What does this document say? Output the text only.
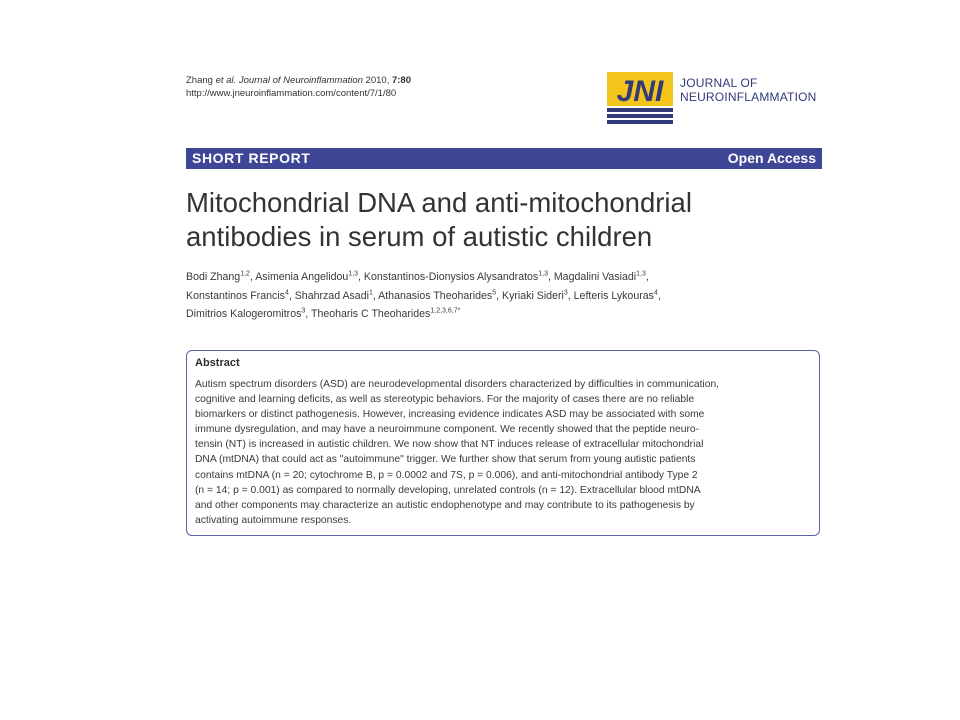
Zhang et al. Journal of Neuroinflammation 2010, 7:80
http://www.jneuroinflammation.com/content/7/1/80	JNI JOURNAL OF
NEUROINFLAMMATION
SHORT REPORT	Open Access
Mitochondrial DNA and anti-mitochondrial
antibodies in serum of autistic children
Bodi Zhang$^{1,2}$, Asimenia Angelidou$^{1,3}$, Konstantinos-Dionysios Alysandratos$^{1,3}$, Magdalini Vasiadi$^{1,3}$,
Konstantinos Francis$^4$, Shahrzad Asadi$^1$, Athanasios Theoharides$^5$, Kyriaki Sideri$^3$, Lefteris Lykouras$^4$,
Dimitrios Kalogeromitros$^3$, Theoharis C Theoharides$^{1,2,3,6,7*}$
Abstract
Autism spectrum disorders (ASD) are neurodevelopmental disorders characterized by difficulties in communication,
cognitive and learning deficits, as well as stereotypic behaviors. For the majority of cases there are no reliable
biomarkers or distinct pathogenesis. However, increasing evidence indicates ASD may be associated with some
immune dysregulation, and may have a neuroimmune component. We recently showed that the peptide neuro-
tensin (NT) is increased in autistic children. We now show that NT induces release of extracellular mitochondrial
DNA (mtDNA) that could act as "autoimmune" trigger. We further show that serum from young autistic patients
contains mtDNA (n = 20; cytochrome B, p = 0.0002 and 7S, p = 0.006), and anti-mitochondrial antibody Type 2
(n = 14; p = 0.001) as compared to normally developing, unrelated controls (n = 12). Extracellular blood mtDNA
and other components may characterize an autistic endophenotype and may contribute to its pathogenesis by
activating autoimmune responses.
